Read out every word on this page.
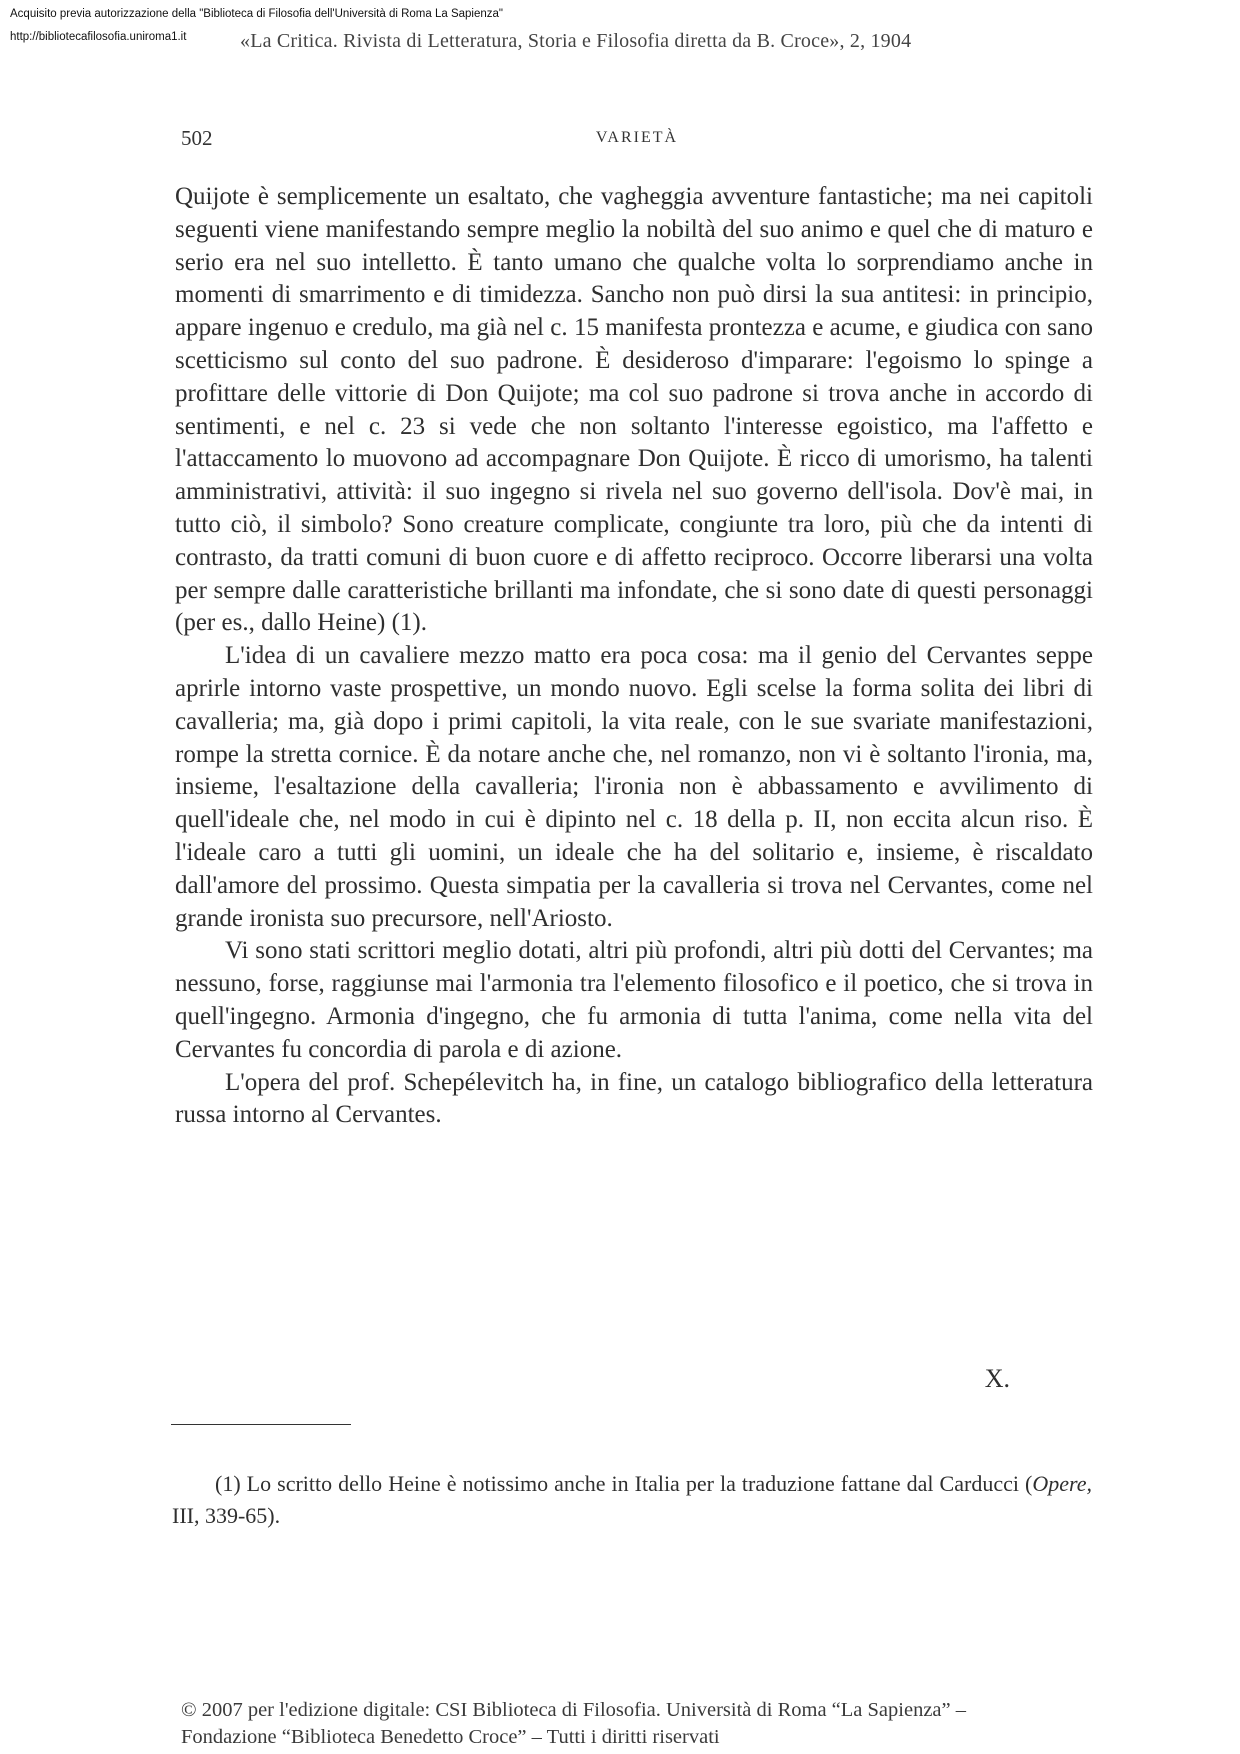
Acquisito previa autorizzazione della "Biblioteca di Filosofia dell'Università di Roma La Sapienza"
http://bibliotecafilosofia.uniroma1.it	«La Critica. Rivista di Letteratura, Storia e Filosofia diretta da B. Croce», 2, 1904
502	VARIETÀ

Quijote è semplicemente un esaltato, che vagheggia avventure fantastiche; ma nei capitoli seguenti viene manifestando sempre meglio la nobiltà del suo animo e quel che di maturo e serio era nel suo intelletto. È tanto umano che qualche volta lo sorprendiamo anche in momenti di smarrimento e di timidezza. Sancho non può dirsi la sua antitesi: in principio, appare ingenuo e credulo, ma già nel c. 15 manifesta prontezza e acume, e giudica con sano scetticismo sul conto del suo padrone. È desideroso d'imparare: l'egoismo lo spinge a profittare delle vittorie di Don Quijote; ma col suo padrone si trova anche in accordo di sentimenti, e nel c. 23 si vede che non soltanto l'interesse egoistico, ma l'affetto e l'attaccamento lo muovono ad accompagnare Don Quijote. È ricco di umorismo, ha talenti amministrativi, attività: il suo ingegno si rivela nel suo governo dell'isola. Dov'è mai, in tutto ciò, il simbolo? Sono creature complicate, congiunte tra loro, più che da intenti di contrasto, da tratti comuni di buon cuore e di affetto reciproco. Occorre liberarsi una volta per sempre dalle caratteristiche brillanti ma infondate, che si sono date di questi personaggi (per es., dallo Heine) (1).

L'idea di un cavaliere mezzo matto era poca cosa: ma il genio del Cervantes seppe aprirle intorno vaste prospettive, un mondo nuovo. Egli scelse la forma solita dei libri di cavalleria; ma, già dopo i primi capitoli, la vita reale, con le sue svariate manifestazioni, rompe la stretta cornice. È da notare anche che, nel romanzo, non vi è soltanto l'ironia, ma, insieme, l'esaltazione della cavalleria; l'ironia non è abbassamento e avvilimento di quell'ideale che, nel modo in cui è dipinto nel c. 18 della p. II, non eccita alcun riso. È l'ideale caro a tutti gli uomini, un ideale che ha del solitario e, insieme, è riscaldato dall'amore del prossimo. Questa simpatia per la cavalleria si trova nel Cervantes, come nel grande ironista suo precursore, nell'Ariosto.

Vi sono stati scrittori meglio dotati, altri più profondi, altri più dotti del Cervantes; ma nessuno, forse, raggiunse mai l'armonia tra l'elemento filosofico e il poetico, che si trova in quell'ingegno. Armonia d'ingegno, che fu armonia di tutta l'anima, come nella vita del Cervantes fu concordia di parola e di azione.

L'opera del prof. Schepélevitch ha, in fine, un catalogo bibliografico della letteratura russa intorno al Cervantes.

X.

(1) Lo scritto dello Heine è notissimo anche in Italia per la traduzione fattane dal Carducci (Opere, III, 339-65).

© 2007 per l'edizione digitale: CSI Biblioteca di Filosofia. Università di Roma “La Sapienza” –
Fondazione “Biblioteca Benedetto Croce” – Tutti i diritti riservati
